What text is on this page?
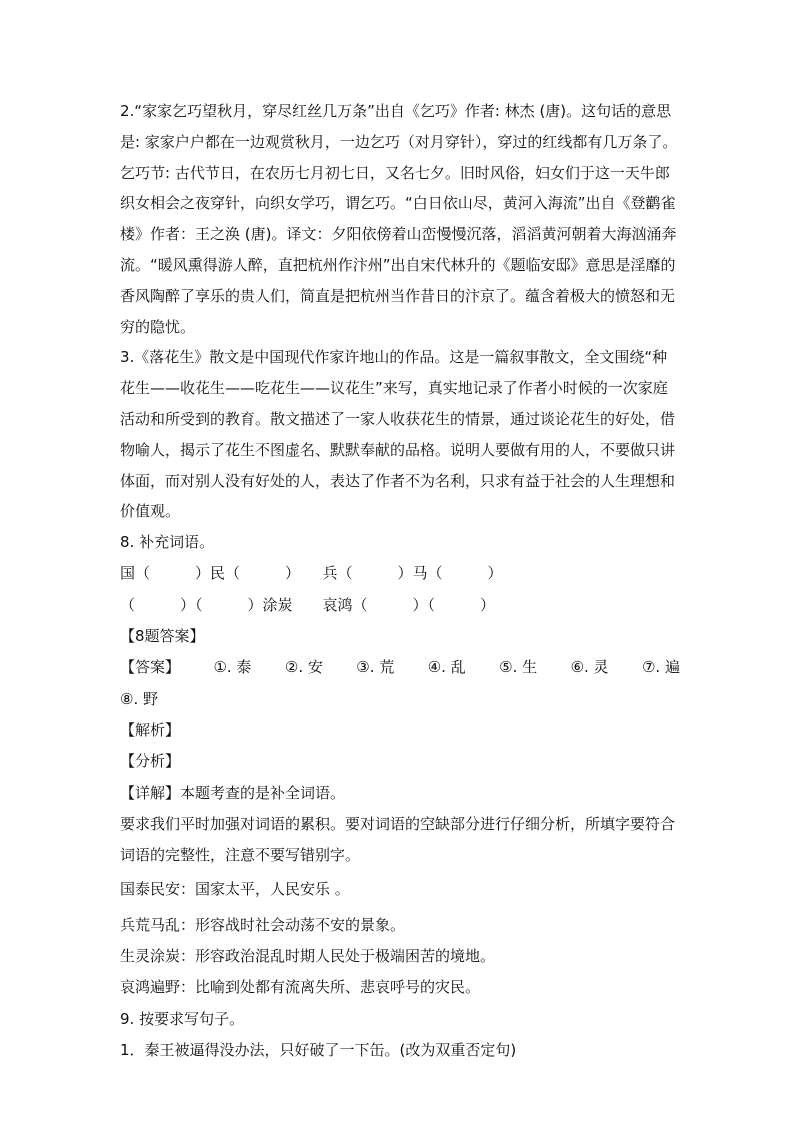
2.“家家乞巧望秋月，穿尽红丝几万条”出自《乞巧》作者: 林杰 (唐)。这句话的意思是: 家家户户都在一边观赏秋月，一边乞巧（对月穿针），穿过的红线都有几万条了。乞巧节: 古代节日，在农历七月初七日，又名七夕。旧时风俗，妇女们于这一天牛郎织女相会之夜穿针，向织女学巧，谓乞巧。“白日依山尽，黄河入海流”出自《登鹳雀楼》作者：王之涣 (唐)。译文：夕阳依傍着山峦慢慢沉落，滔滔黄河朝着大海汹涌奔流。“暖风熏得游人醉，直把杭州作汴州”出自宋代林升的《题临安邸》意思是淫靡的香风陶醉了享乐的贵人们，简直是把杭州当作昔日的汴京了。蕴含着极大的愤怒和无穷的隐忧。

3.《落花生》散文是中国现代作家许地山的作品。这是一篇叙事散文，全文围绕“种花生——收花生——吃花生——议花生”来写，真实地记录了作者小时候的一次家庭活动和所受到的教育。散文描述了一家人收获花生的情景，通过谈论花生的好处，借物喻人，揭示了花生不图虚名、默默奉献的品格。说明人要做有用的人，不要做只讲体面，而对别人没有好处的人，表达了作者不为名利，只求有益于社会的人生理想和价值观。

8. 补充词语。
国（　　　）民（　　　）　　兵（　　　）马（　　　）
（　　　）（　　　）涂炭　　哀鸿（　　　）（　　　）
【8题答案】
【答案】 ①. 泰 ②. 安 ③. 荒 ④. 乱 ⑤. 生 ⑥. 灵 ⑦. 遍
⑧. 野
【解析】
【分析】
【详解】本题考查的是补全词语。

要求我们平时加强对词语的累积。要对词语的空缺部分进行仔细分析，所填字要符合词语的完整性，注意不要写错别字。

国泰民安：国家太平，人民安乐 。
兵荒马乱：形容战时社会动荡不安的景象。
生灵涂炭：形容政治混乱时期人民处于极端困苦的境地。
哀鸿遍野：比喻到处都有流离失所、悲哀呼号的灾民。
9. 按要求写句子。
1．秦王被逼得没办法，只好破了一下缶。(改为双重否定句)
